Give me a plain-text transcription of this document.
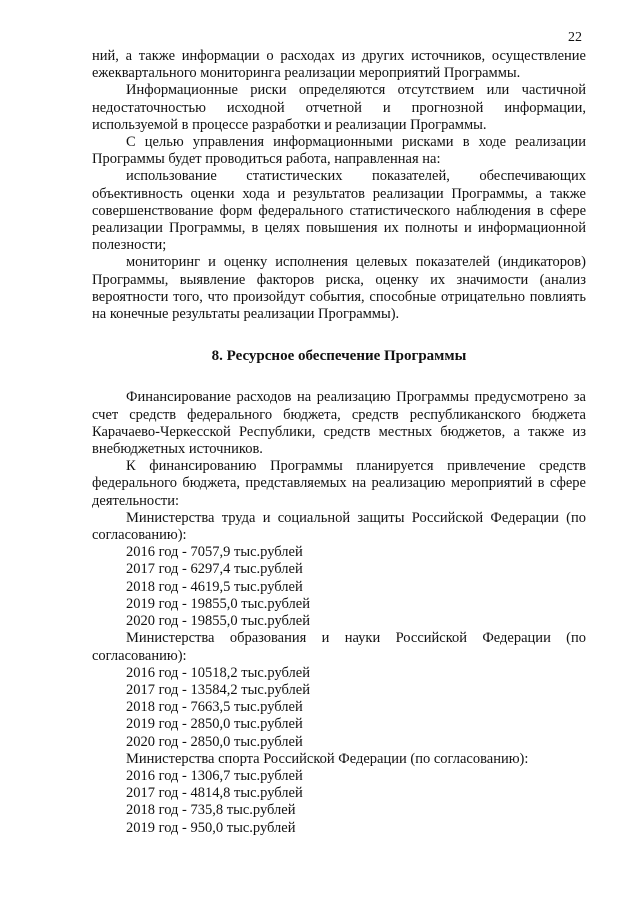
22

ний, а также информации о расходах из других источников, осуществление ежеквартального мониторинга реализации мероприятий Программы.

Информационные риски определяются отсутствием или частичной недостаточностью исходной отчетной и прогнозной информации, используемой в процессе разработки и реализации Программы.

С целью управления информационными рисками в ходе реализации Программы будет проводиться работа, направленная на:

использование статистических показателей, обеспечивающих объективность оценки хода и результатов реализации Программы, а также совершенствование форм федерального статистического наблюдения в сфере реализации Программы, в целях повышения их полноты и информационной полезности;

мониторинг и оценку исполнения целевых показателей (индикаторов) Программы, выявление факторов риска, оценку их значимости (анализ вероятности того, что произойдут события, способные отрицательно повлиять на конечные результаты реализации Программы).

8. Ресурсное обеспечение Программы

Финансирование расходов на реализацию Программы предусмотрено за счет средств федерального бюджета, средств республиканского бюджета Карачаево-Черкесской Республики, средств местных бюджетов, а также из внебюджетных источников.

К финансированию Программы планируется привлечение средств федерального бюджета, представляемых на реализацию мероприятий в сфере деятельности:

Министерства труда и социальной защиты Российской Федерации (по согласованию):

2016 год - 7057,9 тыс.рублей
2017 год - 6297,4 тыс.рублей
2018 год - 4619,5 тыс.рублей
2019 год - 19855,0 тыс.рублей
2020 год - 19855,0 тыс.рублей

Министерства образования и науки Российской Федерации (по согласованию):

2016 год - 10518,2 тыс.рублей
2017 год - 13584,2 тыс.рублей
2018 год - 7663,5 тыс.рублей
2019 год - 2850,0 тыс.рублей
2020 год - 2850,0 тыс.рублей

Министерства спорта Российской Федерации (по согласованию):

2016 год - 1306,7 тыс.рублей
2017 год - 4814,8 тыс.рублей
2018 год - 735,8 тыс.рублей
2019 год - 950,0 тыс.рублей
